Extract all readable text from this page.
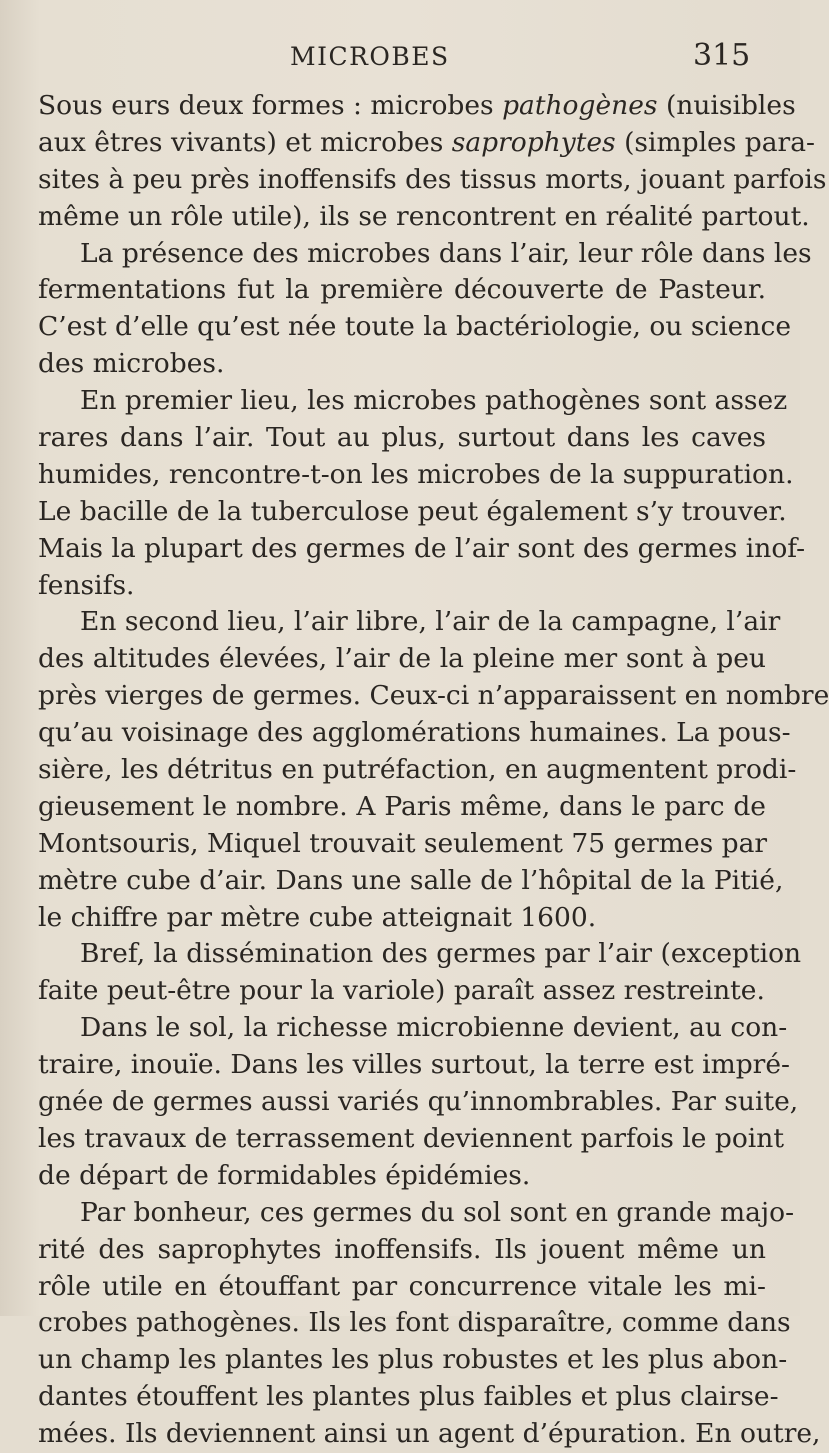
MICROBES	315
Sous eurs deux formes : microbes pathogènes (nuisibles
aux êtres vivants) et microbes saprophytes (simples para-
sites à peu près inoffensifs des tissus morts, jouant parfois
même un rôle utile), ils se rencontrent en réalité partout.
La présence des microbes dans l’air, leur rôle dans les
fermentations fut la première découverte de Pasteur.
C’est d’elle qu’est née toute la bactériologie, ou science
des microbes.
En premier lieu, les microbes pathogènes sont assez
rares dans l’air. Tout au plus, surtout dans les caves
humides, rencontre-t-on les microbes de la suppuration.
Le bacille de la tuberculose peut également s’y trouver.
Mais la plupart des germes de l’air sont des germes inof-
fensifs.
En second lieu, l’air libre, l’air de la campagne, l’air
des altitudes élevées, l’air de la pleine mer sont à peu
près vierges de germes. Ceux-ci n’apparaissent en nombre
qu’au voisinage des agglomérations humaines. La pous-
sière, les détritus en putréfaction, en augmentent prodi-
gieusement le nombre. A Paris même, dans le parc de
Montsouris, Miquel trouvait seulement 75 germes par
mètre cube d’air. Dans une salle de l’hôpital de la Pitié,
le chiffre par mètre cube atteignait 1600.
Bref, la dissémination des germes par l’air (exception
faite peut-être pour la variole) paraît assez restreinte.
Dans le sol, la richesse microbienne devient, au con-
traire, inouïe. Dans les villes surtout, la terre est impré-
gnée de germes aussi variés qu’innombrables. Par suite,
les travaux de terrassement deviennent parfois le point
de départ de formidables épidémies.
Par bonheur, ces germes du sol sont en grande majo-
rité des saprophytes inoffensifs. Ils jouent même un
rôle utile en étouffant par concurrence vitale les mi-
crobes pathogènes. Ils les font disparaître, comme dans
un champ les plantes les plus robustes et les plus abon-
dantes étouffent les plantes plus faibles et plus clairse-
mées. Ils deviennent ainsi un agent d’épuration. En outre,
